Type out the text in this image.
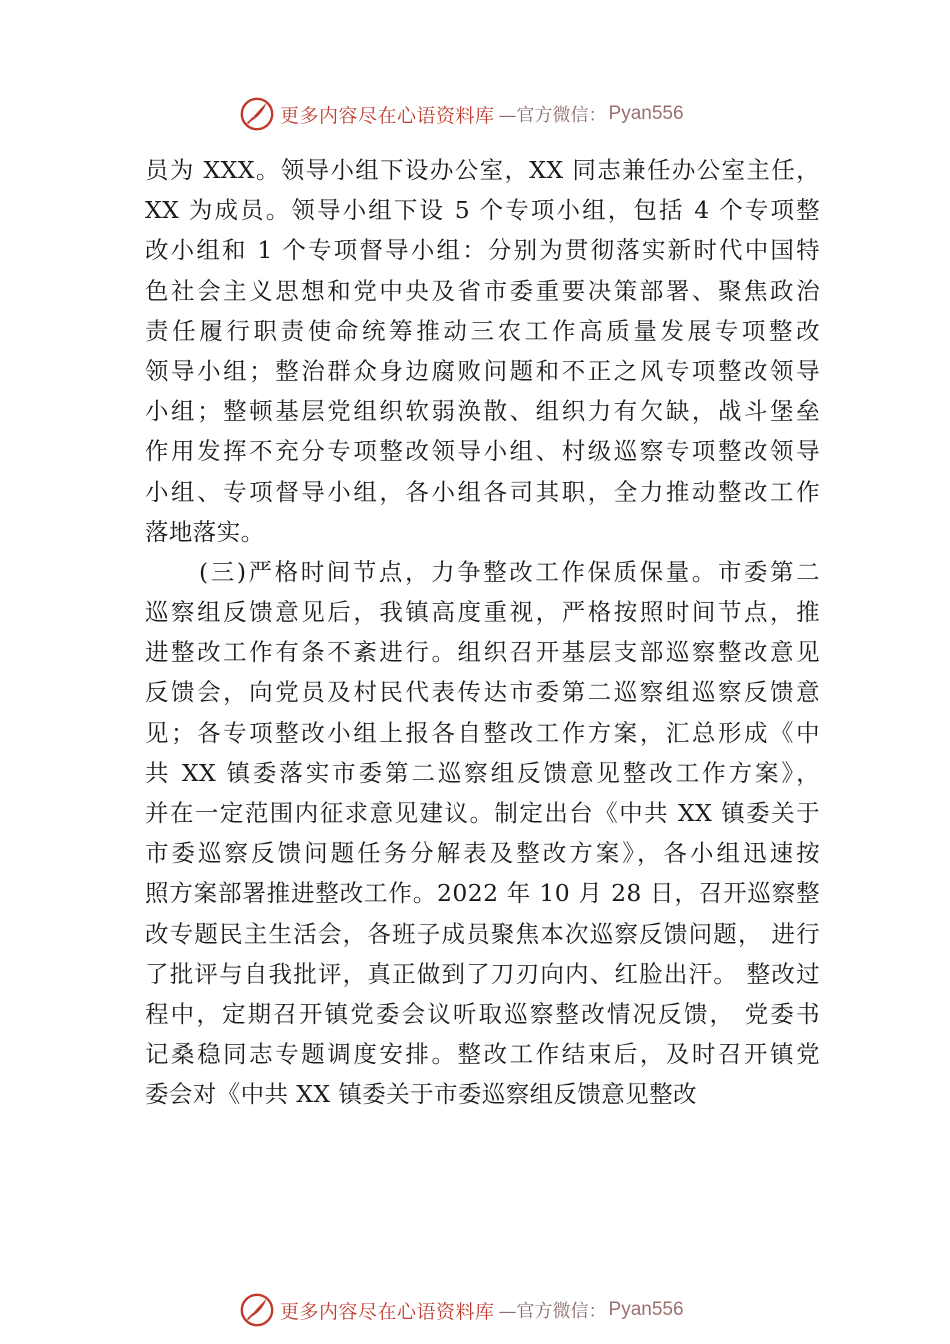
更多内容尽在心语资料库 —官方微信： Pyan556
员为 XXX。领导小组下设办公室，XX 同志兼任办公室主任，
XX 为成员。领导小组下设 5 个专项小组，包括 4 个专项整
改小组和 1 个专项督导小组：分别为贯彻落实新时代中国特
色社会主义思想和党中央及省市委重要决策部署、聚焦政治
责任履行职责使命统筹推动三农工作高质量发展专项整改
领导小组；整治群众身边腐败问题和不正之风专项整改领导
小组；整顿基层党组织软弱涣散、组织力有欠缺，战斗堡垒
作用发挥不充分专项整改领导小组、村级巡察专项整改领导
小组、专项督导小组，各小组各司其职，全力推动整改工作
落地落实。
(三)严格时间节点，力争整改工作保质保量。市委第二
巡察组反馈意见后，我镇高度重视，严格按照时间节点，推
进整改工作有条不紊进行。组织召开基层支部巡察整改意见
反馈会，向党员及村民代表传达市委第二巡察组巡察反馈意
见；各专项整改小组上报各自整改工作方案，汇总形成《中
共 XX 镇委落实市委第二巡察组反馈意见整改工作方案》，
并在一定范围内征求意见建议。制定出台《中共 XX 镇委关于
市委巡察反馈问题任务分解表及整改方案》，各小组迅速按
照方案部署推进整改工作。2022 年 10 月 28 日，召开巡察整
改专题民主生活会，各班子成员聚焦本次巡察反馈问题， 进行
了批评与自我批评，真正做到了刀刃向内、红脸出汗。 整改过
程中，定期召开镇党委会议听取巡察整改情况反馈， 党委书
记桑稳同志专题调度安排。整改工作结束后，及时召开镇党
委会对《中共 XX 镇委关于市委巡察组反馈意见整改
更多内容尽在心语资料库 —官方微信： Pyan556
